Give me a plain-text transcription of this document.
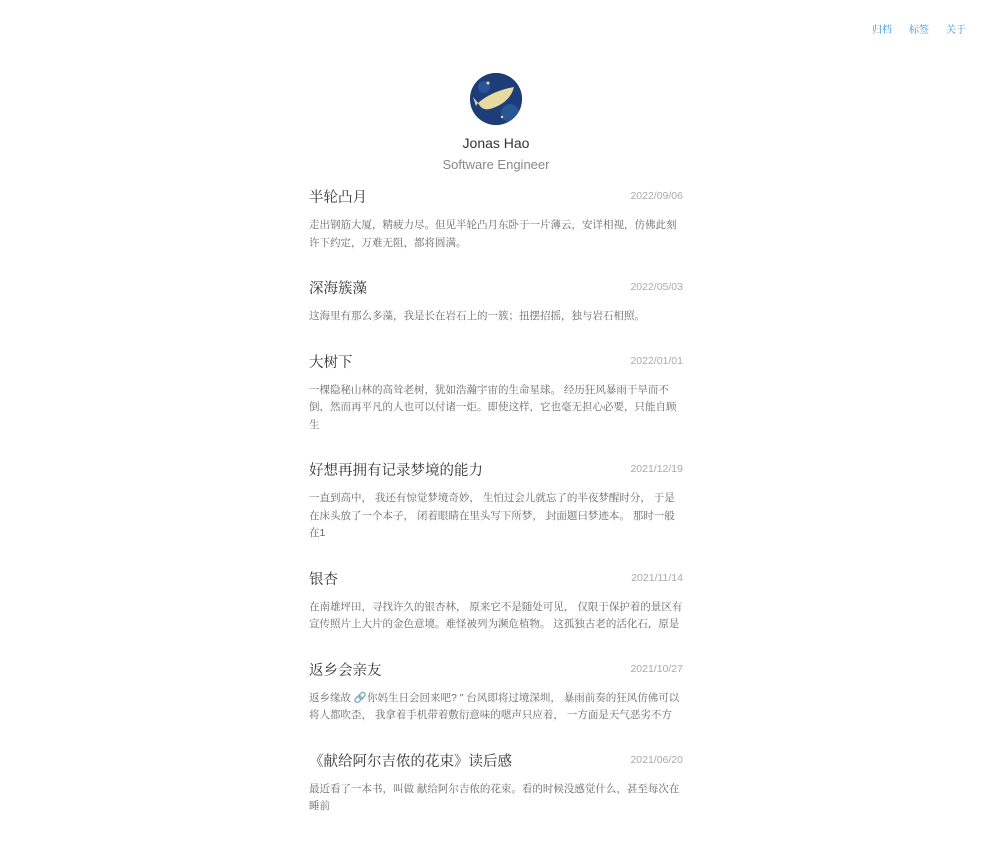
归档 标签 关于
Jonas Hao
Software Engineer
半轮凸月	2022/09/06
走出钢筋大厦，精疲力尽。但见半轮凸月东卧于一片薄云，安详相视，仿佛此刻许下约定，万难无阻，都将圆满。
深海簇藻	2022/05/03
这海里有那么多藻，我是长在岩石上的一簇；扭摆招摇，独与岩石相照。
大树下	2022/01/01
一棵隐秘山林的高耸老树，犹如浩瀚宇宙的生命星球。 经历狂风暴雨干旱而不倒，然而再平凡的人也可以付诸一炬。即使这样，它也毫无担心必要，只能自顾生
好想再拥有记录梦境的能力	2021/12/19
一直到高中， 我还有惊觉梦境奇妙， 生怕过会儿就忘了的半夜梦醒时分， 于是在床头放了一个本子， 闭着眼睛在里头写下所梦， 封面题曰梦迹本。 那时一般在1
银杏	2021/11/14
在南雄坪田，寻找许久的银杏林， 原来它不是随处可见， 仅限于保护着的景区有宣传照片上大片的金色意境。难怪被列为濒危植物。 这孤独古老的活化石，原是
返乡会亲友	2021/10/27
返乡缘故 🔗你妈生日会回来吧? " 台风即将过境深圳， 暴雨前奏的狂风仿佛可以将人都吹歪， 我拿着手机带着敷衍意味的嗯声只应着， 一方面是天气恶劣不方
《献给阿尔吉侬的花束》读后感	2021/06/20
最近看了一本书，叫做 献给阿尔吉侬的花束。看的时候没感觉什么，甚至每次在睡前
